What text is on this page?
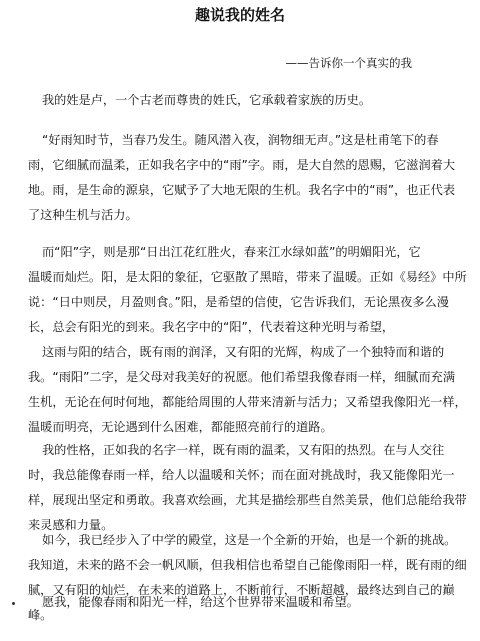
趣说我的姓名
——告诉你一个真实的我
我的姓是卢，一个古老而尊贵的姓氏，它承载着家族的历史。
“好雨知时节，当春乃发生。随风潜入夜，润物细无声。”这是杜甫笔下的春
雨，它细腻而温柔，正如我名字中的“雨”字。雨，是大自然的恩赐，它滋润着大
地。雨，是生命的源泉，它赋予了大地无限的生机。我名字中的“雨”，也正代表
了这种生机与活力。
而“阳”字，则是那“日出江花红胜火，春来江水绿如蓝”的明媚阳光，它
温暖而灿烂。阳，是太阳的象征，它驱散了黑暗，带来了温暖。正如《易经》中所
说：“日中则昃，月盈则食。”阳，是希望的信使，它告诉我们，无论黑夜多么漫
长，总会有阳光的到来。我名字中的“阳”，代表着这种光明与希望，
这雨与阳的结合，既有雨的润泽，又有阳的光辉，构成了一个独特而和谐的
我。“雨阳”二字，是父母对我美好的祝愿。他们希望我像春雨一样，细腻而充满
生机，无论在何时何地，都能给周围的人带来清新与活力；又希望我像阳光一样，
温暖而明亮，无论遇到什么困难，都能照亮前行的道路。
我的性格，正如我的名字一样，既有雨的温柔，又有阳的热烈。在与人交往
时，我总能像春雨一样，给人以温暖和关怀；而在面对挑战时，我又能像阳光一
样，展现出坚定和勇敢。我喜欢绘画，尤其是描绘那些自然美景，他们总能给我带
来灵感和力量。
如今，我已经步入了中学的殿堂，这是一个全新的开始，也是一个新的挑战。
我知道，未来的路不会一帆风顺，但我相信也希望自己能像雨阳一样，既有雨的细
腻，又有阳的灿烂，在未来的道路上，不断前行，不断超越，最终达到自己的巅
峰。
愿我，能像春雨和阳光一样，给这个世界带来温暖和希望。
